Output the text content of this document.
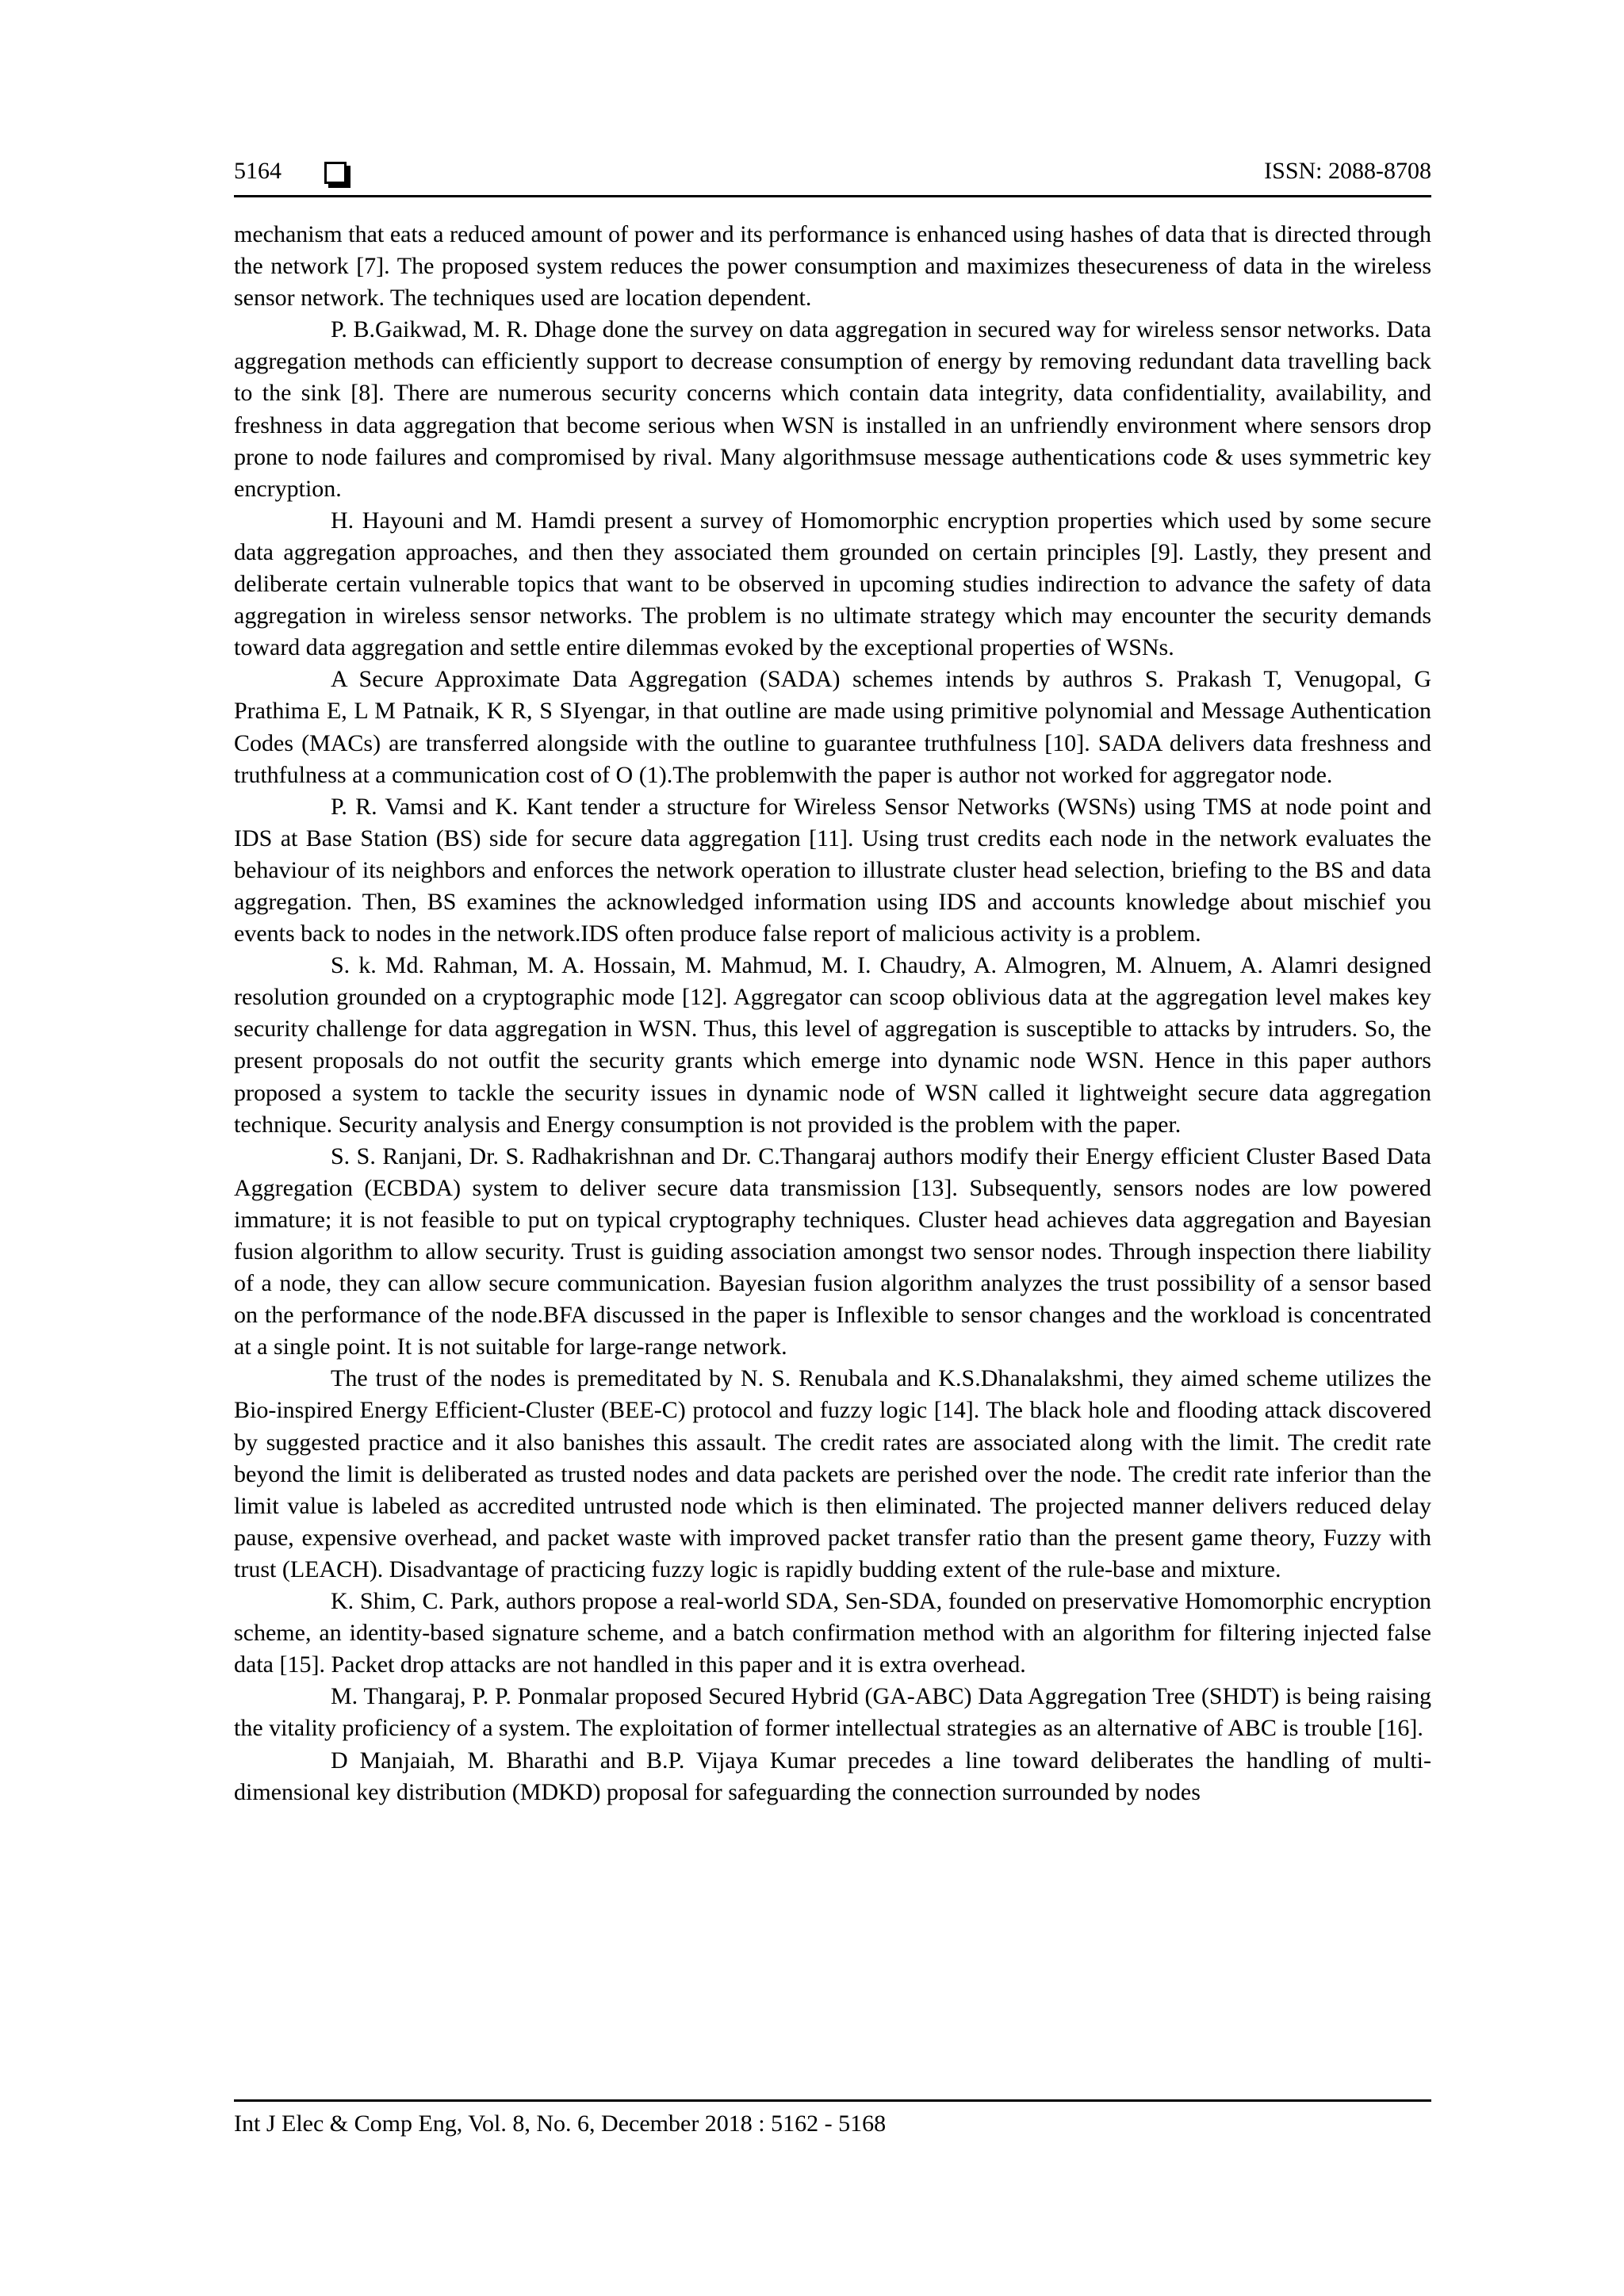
5164	ISSN: 2088-8708

mechanism that eats a reduced amount of power and its performance is enhanced using hashes of data that is directed through the network [7]. The proposed system reduces the power consumption and maximizes thesecureness of data in the wireless sensor network. The techniques used are location dependent.

P. B.Gaikwad, M. R. Dhage done the survey on data aggregation in secured way for wireless sensor networks. Data aggregation methods can efficiently support to decrease consumption of energy by removing redundant data travelling back to the sink [8]. There are numerous security concerns which contain data integrity, data confidentiality, availability, and freshness in data aggregation that become serious when WSN is installed in an unfriendly environment where sensors drop prone to node failures and compromised by rival. Many algorithmsuse message authentications code & uses symmetric key encryption.

H. Hayouni and M. Hamdi present a survey of Homomorphic encryption properties which used by some secure data aggregation approaches, and then they associated them grounded on certain principles [9]. Lastly, they present and deliberate certain vulnerable topics that want to be observed in upcoming studies indirection to advance the safety of data aggregation in wireless sensor networks. The problem is no ultimate strategy which may encounter the security demands toward data aggregation and settle entire dilemmas evoked by the exceptional properties of WSNs.

A Secure Approximate Data Aggregation (SADA) schemes intends by authros S. Prakash T, Venugopal, G Prathima E, L M Patnaik, K R, S SIyengar, in that outline are made using primitive polynomial and Message Authentication Codes (MACs) are transferred alongside with the outline to guarantee truthfulness [10]. SADA delivers data freshness and truthfulness at a communication cost of O (1).The problemwith the paper is author not worked for aggregator node.

P. R. Vamsi and K. Kant tender a structure for Wireless Sensor Networks (WSNs) using TMS at node point and IDS at Base Station (BS) side for secure data aggregation [11]. Using trust credits each node in the network evaluates the behaviour of its neighbors and enforces the network operation to illustrate cluster head selection, briefing to the BS and data aggregation. Then, BS examines the acknowledged information using IDS and accounts knowledge about mischief you events back to nodes in the network.IDS often produce false report of malicious activity is a problem.

S. k. Md. Rahman, M. A. Hossain, M. Mahmud, M. I. Chaudry, A. Almogren, M. Alnuem, A. Alamri designed resolution grounded on a cryptographic mode [12]. Aggregator can scoop oblivious data at the aggregation level makes key security challenge for data aggregation in WSN. Thus, this level of aggregation is susceptible to attacks by intruders. So, the present proposals do not outfit the security grants which emerge into dynamic node WSN. Hence in this paper authors proposed a system to tackle the security issues in dynamic node of WSN called it lightweight secure data aggregation technique. Security analysis and Energy consumption is not provided is the problem with the paper.

S. S. Ranjani, Dr. S. Radhakrishnan and Dr. C.Thangaraj authors modify their Energy efficient Cluster Based Data Aggregation (ECBDA) system to deliver secure data transmission [13]. Subsequently, sensors nodes are low powered immature; it is not feasible to put on typical cryptography techniques. Cluster head achieves data aggregation and Bayesian fusion algorithm to allow security. Trust is guiding association amongst two sensor nodes. Through inspection there liability of a node, they can allow secure communication. Bayesian fusion algorithm analyzes the trust possibility of a sensor based on the performance of the node.BFA discussed in the paper is Inflexible to sensor changes and the workload is concentrated at a single point. It is not suitable for large-range network.

The trust of the nodes is premeditated by N. S. Renubala and K.S.Dhanalakshmi, they aimed scheme utilizes the Bio-inspired Energy Efficient-Cluster (BEE-C) protocol and fuzzy logic [14]. The black hole and flooding attack discovered by suggested practice and it also banishes this assault. The credit rates are associated along with the limit. The credit rate beyond the limit is deliberated as trusted nodes and data packets are perished over the node. The credit rate inferior than the limit value is labeled as accredited untrusted node which is then eliminated. The projected manner delivers reduced delay pause, expensive overhead, and packet waste with improved packet transfer ratio than the present game theory, Fuzzy with trust (LEACH). Disadvantage of practicing fuzzy logic is rapidly budding extent of the rule-base and mixture.

K. Shim, C. Park, authors propose a real-world SDA, Sen-SDA, founded on preservative Homomorphic encryption scheme, an identity-based signature scheme, and a batch confirmation method with an algorithm for filtering injected false data [15]. Packet drop attacks are not handled in this paper and it is extra overhead.

M. Thangaraj, P. P. Ponmalar proposed Secured Hybrid (GA-ABC) Data Aggregation Tree (SHDT) is being raising the vitality proficiency of a system. The exploitation of former intellectual strategies as an alternative of ABC is trouble [16].

D Manjaiah, M. Bharathi and B.P. Vijaya Kumar precedes a line toward deliberates the handling of multi-dimensional key distribution (MDKD) proposal for safeguarding the connection surrounded by nodes

Int J Elec & Comp Eng, Vol. 8, No. 6, December 2018 : 5162 - 5168
